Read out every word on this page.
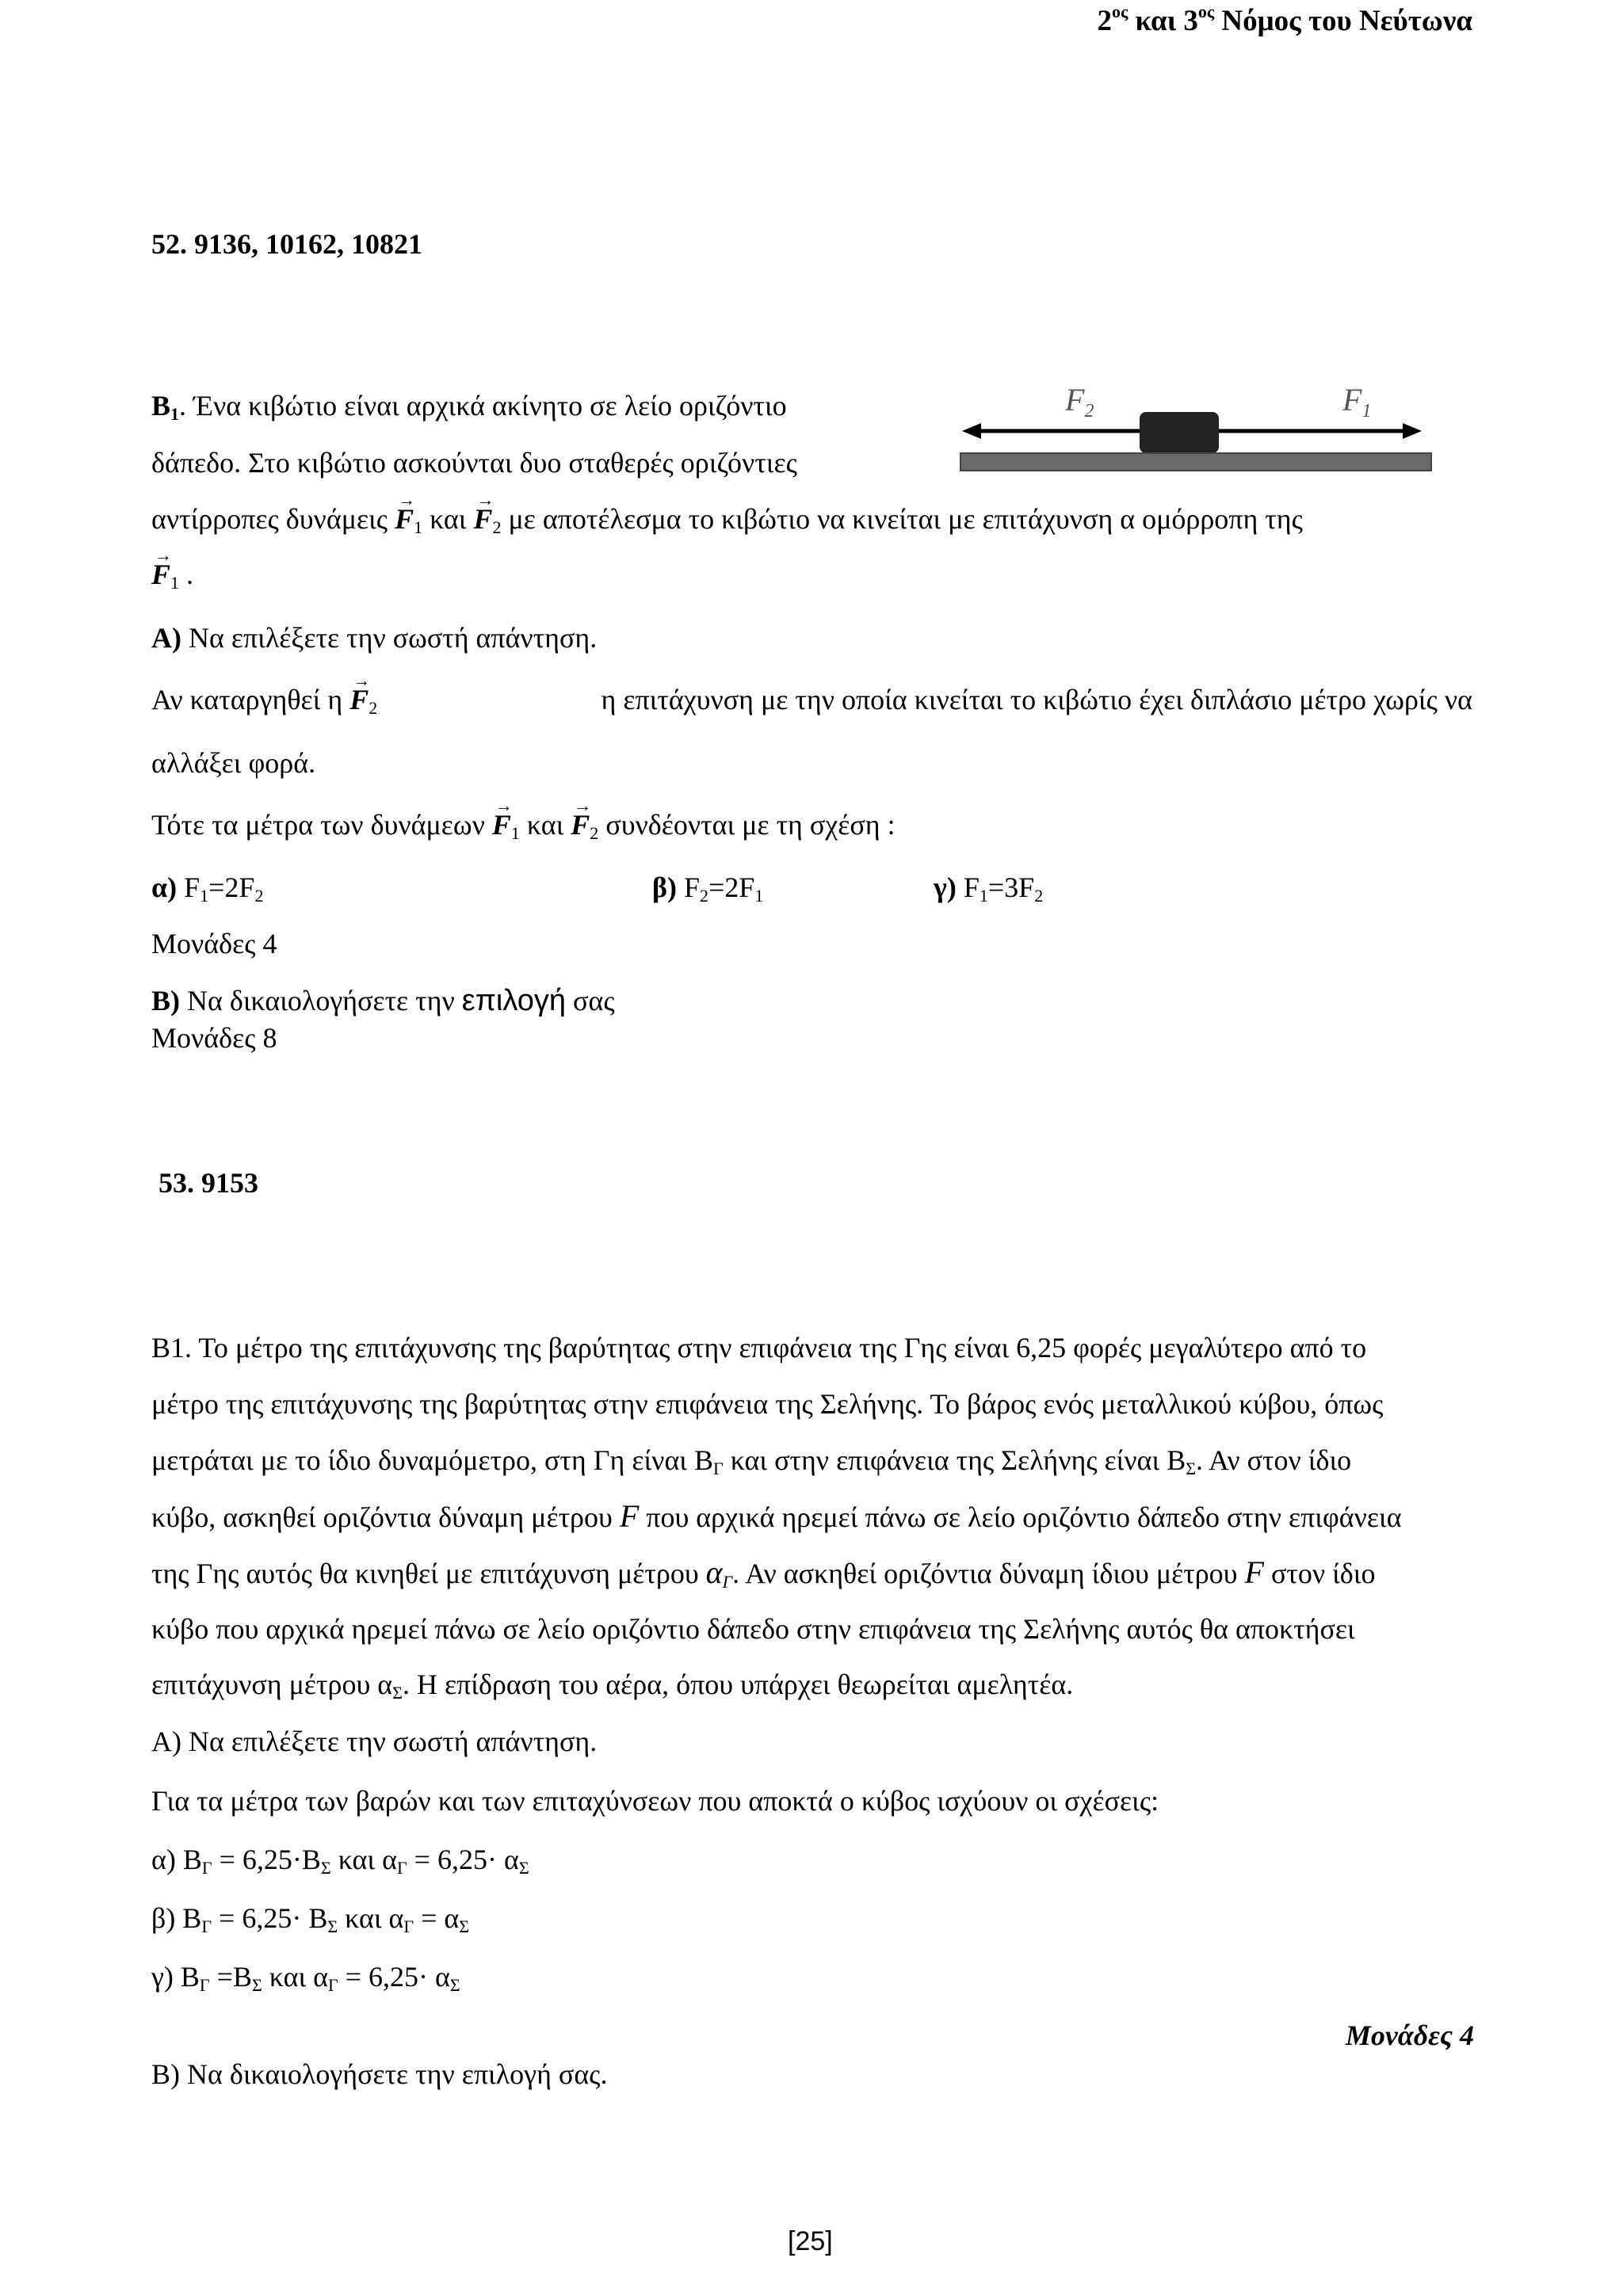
$2^{o\varsigma}$ και $3^{o\varsigma}$ Νόμος του Νεύτωνα
52. 9136, 10162, 10821
$B_1$. Ένα κιβώτιο είναι αρχικά ακίνητο σε λείο οριζόντιο
δάπεδο. Στο κιβώτιο ασκούνται δυο σταθερές οριζόντιες
$F_2$	$F_1$
αντίρροπες $\delta\upsilon\nu ά\mu\varepsilon\iota\varsigma \to F_1$ $\kappa\alpha\iota \to F_2$ με αποτέλεσμα το κιβώτιο να κινείται με επιτάχυνση α ομόρροπη της
→ $F_1$ .
Α) Να επιλέξετε την σωστή απάντηση.
Αν καταργηθεί $\eta \to F_2$	η επιτάχυνση με την οποία κινείται το κιβώτιο έχει διπλάσιο μέτρο χωρίς να
αλλάξει φορά.
Τότε τα μέτρα των $\delta\upsilon\nu ά\mu\varepsilon\omega\nu \to F_1$ $\kappa\alpha\iota \to F_2$ συνδέονται με τη σχέση :
α) $F_1=2F_2$	β) $F_2=2F_1$	γ) $F_1=3F_2$
Μονάδες 4
Β) Να δικαιολογήσετε την επιλογή σας
Μονάδες 8
53. 9153
Β1. Το μέτρο της επιτάχυνσης της βαρύτητας στην επιφάνεια της Γης είναι 6,25 φορές μεγαλύτερο από το
μέτρο της επιτάχυνσης της βαρύτητας στην επιφάνεια της Σελήνης. Το βάρος ενός μεταλλικού κύβου, όπως
μετράται με το ίδιο δυναμόμετρο, στη Γη είναι $B_\Gamma$ και στην επιφάνεια της Σελήνης είναι $B_\Sigma$. Αν στον ίδιο
κύβο, ασκηθεί οριζόντια δύναμη μέτρου F που αρχικά ηρεμεί πάνω σε λείο οριζόντιο δάπεδο στην επιφάνεια
της Γης αυτός θα κινηθεί με επιτάχυνση μέτρου $\alpha_\Gamma$. Αν ασκηθεί οριζόντια δύναμη ίδιου μέτρου F στον ίδιο
κύβο που αρχικά ηρεμεί πάνω σε λείο οριζόντιο δάπεδο στην επιφάνεια της Σελήνης αυτός θα αποκτήσει
επιτάχυνση μέτρου $\alpha_\Sigma$. Η επίδραση του αέρα, όπου υπάρχει θεωρείται αμελητέα.
Α) Να επιλέξετε την σωστή απάντηση.
Για τα μέτρα των βαρών και των επιταχύνσεων που αποκτά ο κύβος ισχύουν οι σχέσεις:
α) $B_\Gamma = 6,25\cdot B_\Sigma$ και $\alpha_\Gamma = 6,25\cdot \alpha_\Sigma$
β) $B_\Gamma = 6,25\cdot B_\Sigma$ και $\alpha_\Gamma = \alpha_\Sigma$
γ) $B_\Gamma =B_\Sigma$ και $\alpha_\Gamma = 6,25\cdot \alpha_\Sigma$
Μονάδες 4
Β) Να δικαιολογήσετε την επιλογή σας.
[25]
